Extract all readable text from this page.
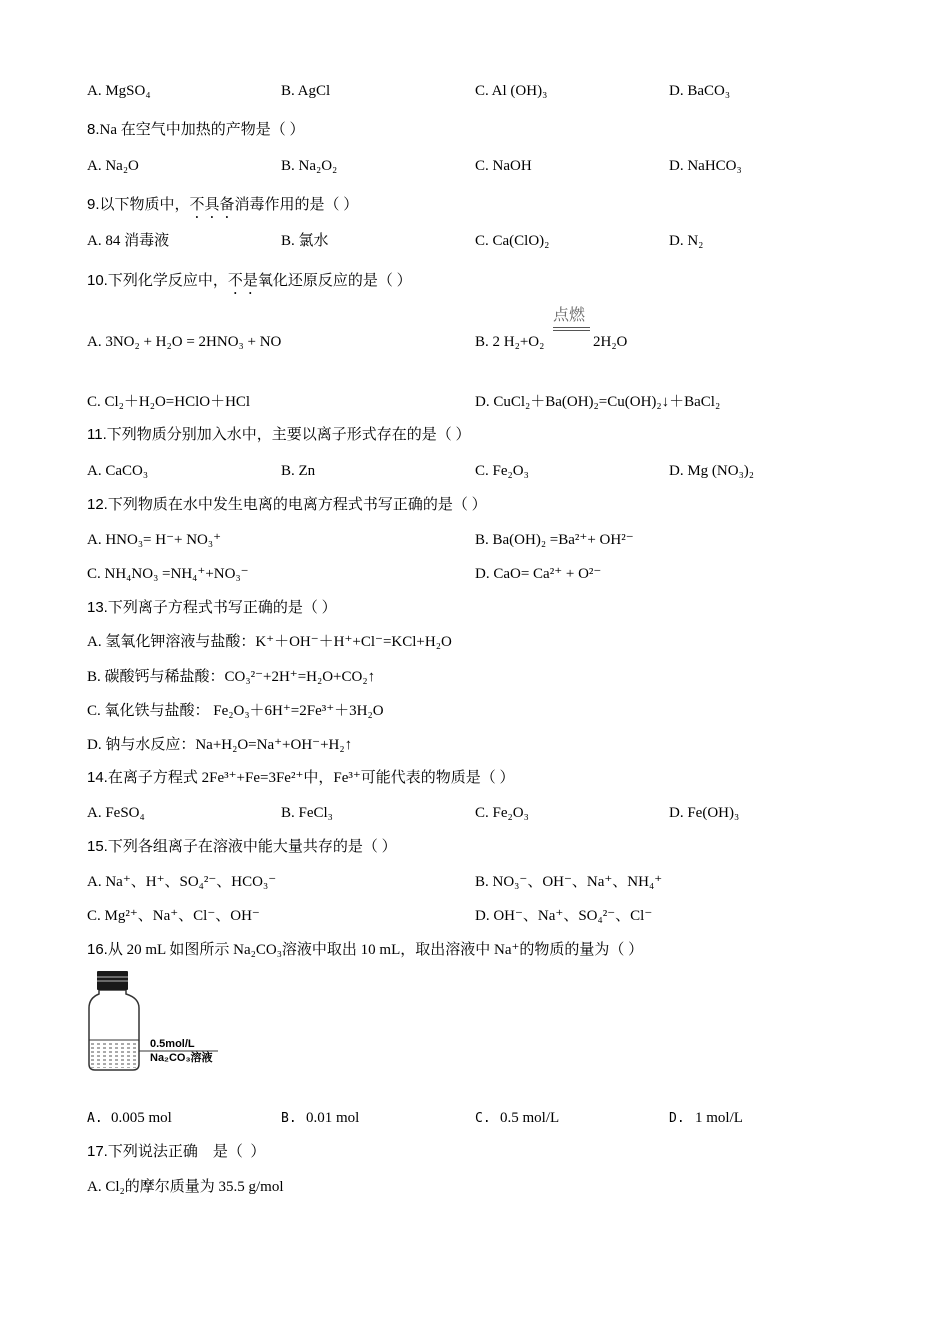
A. MgSO₄	B. AgCl	C. Al (OH)₃	D. BaCO₃
8.Na 在空气中加热的产物是（ ）
A. Na₂O	B. Na₂O₂	C. NaOH	D. NaHCO₃
9.以下物质中，不具备消毒作用的是（ ）
A. 84 消毒液	B. 氯水	C. Ca(ClO)₂	D. N₂
10.下列化学反应中，不是氧化还原反应的是（ ）
A. 3NO₂ + H₂O = 2HNO₃ + NO	B. 2 H₂+O₂	2H₂O
点燃
C. Cl₂＋H₂O=HClO＋HCl	D. CuCl₂＋Ba(OH)₂=Cu(OH)₂↓＋BaCl₂
11.下列物质分别加入水中，主要以离子形式存在的是（ ）
A. CaCO₃	B. Zn	C. Fe₂O₃	D. Mg (NO₃)₂
12.下列物质在水中发生电离的电离方程式书写正确的是（ ）
A. HNO₃= H⁻+ NO₃⁺	B. Ba(OH)₂ =Ba²⁺+ OH²⁻
C. NH₄NO₃ =NH₄⁺+NO₃⁻	D. CaO= Ca²⁺ + O²⁻
13.下列离子方程式书写正确的是（ ）
A. 氢氧化钾溶液与盐酸：K⁺＋OH⁻＋H⁺+Cl⁻=KCl+H₂O
B. 碳酸钙与稀盐酸：CO₃²⁻+2H⁺=H₂O+CO₂↑
C. 氧化铁与盐酸： Fe₂O₃＋6H⁺=2Fe³⁺＋3H₂O
D. 钠与水反应：Na+H₂O=Na⁺+OH⁻+H₂↑
14.在离子方程式 2Fe³⁺+Fe=3Fe²⁺中，Fe³⁺可能代表的物质是（ ）
A. FeSO₄	B. FeCl₃	C. Fe₂O₃	D. Fe(OH)₃
15.下列各组离子在溶液中能大量共存的是（ ）
A. Na⁺、H⁺、SO₄²⁻、HCO₃⁻	B. NO₃⁻、OH⁻、Na⁺、NH₄⁺
C. Mg²⁺、Na⁺、Cl⁻、OH⁻	D. OH⁻、Na⁺、SO₄²⁻、Cl⁻
16.从 20 mL 如图所示 Na₂CO₃溶液中取出 10 mL，取出溶液中 Na⁺的物质的量为（ ）
0.5mol/L
Na₂CO₃溶液
A. 0.005 mol	B. 0.01 mol	C. 0.5 mol/L	D. 1 mol/L
17.下列说法正确    是（  ）
A. Cl₂的摩尔质量为 35.5 g/mol
